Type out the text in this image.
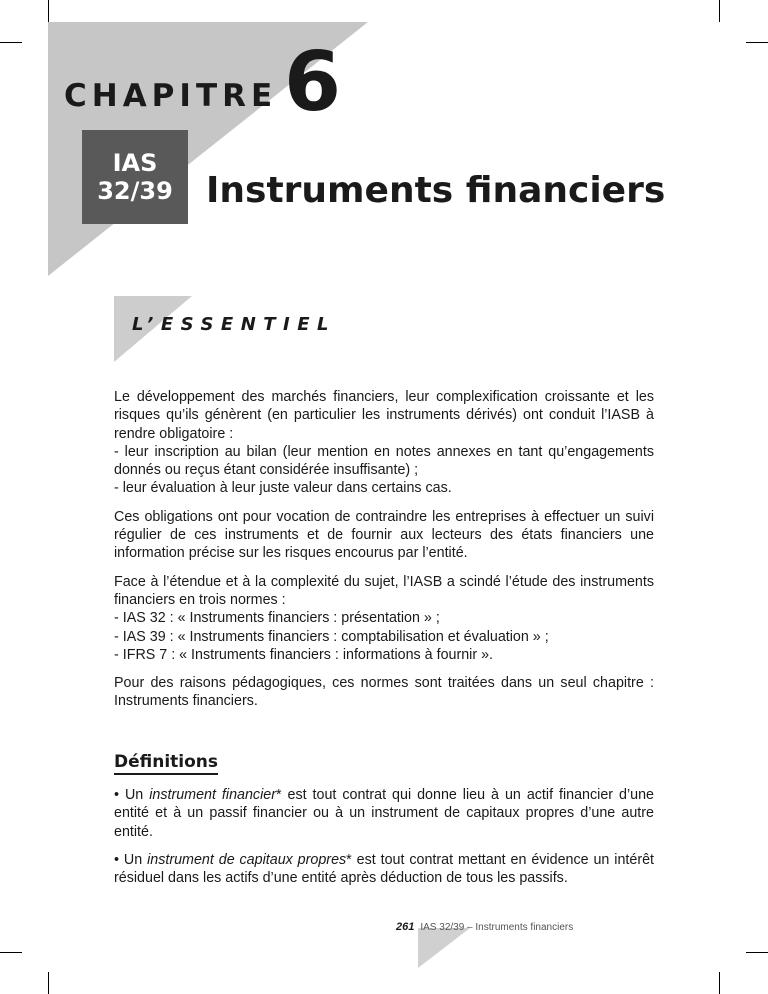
CHAPITRE 6
IAS
32/39 Instruments financiers
L’ESSENTIEL

Le développement des marchés financiers, leur complexification croissante et les risques qu’ils génèrent (en particulier les instruments dérivés) ont conduit l’IASB à rendre obligatoire :
- leur inscription au bilan (leur mention en notes annexes en tant qu’engagements donnés ou reçus étant considérée insuffisante) ;
- leur évaluation à leur juste valeur dans certains cas.

Ces obligations ont pour vocation de contraindre les entreprises à effectuer un suivi régulier de ces instruments et de fournir aux lecteurs des états financiers une information précise sur les risques encourus par l’entité.

Face à l’étendue et à la complexité du sujet, l’IASB a scindé l’étude des instruments financiers en trois normes :
- IAS 32 : « Instruments financiers : présentation » ;
- IAS 39 : « Instruments financiers : comptabilisation et évaluation » ;
- IFRS 7 : « Instruments financiers : informations à fournir ».

Pour des raisons pédagogiques, ces normes sont traitées dans un seul chapitre : Instruments financiers.

Définitions

• Un instrument financier* est tout contrat qui donne lieu à un actif financier d’une entité et à un passif financier ou à un instrument de capitaux propres d’une autre entité.

• Un instrument de capitaux propres* est tout contrat mettant en évidence un intérêt résiduel dans les actifs d’une entité après déduction de tous les passifs.

261 IAS 32/39 – Instruments financiers
